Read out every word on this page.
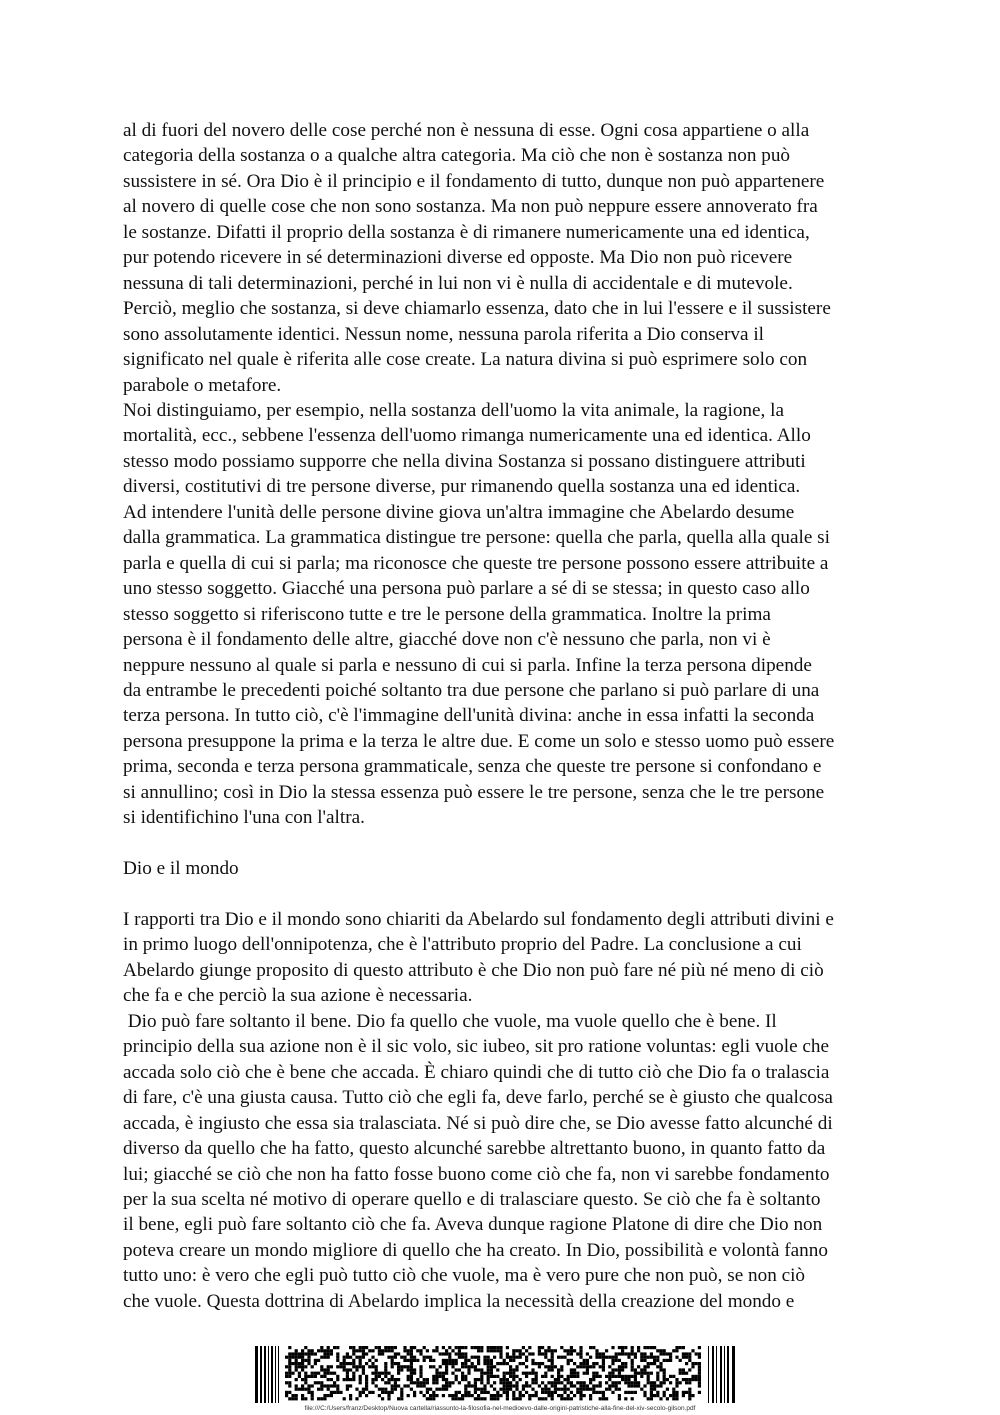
al di fuori del novero delle cose perché non è nessuna di esse. Ogni cosa appartiene o alla
categoria della sostanza o a qualche altra categoria. Ma ciò che non è sostanza non può
sussistere in sé. Ora Dio è il principio e il fondamento di tutto, dunque non può appartenere
al novero di quelle cose che non sono sostanza. Ma non può neppure essere annoverato fra
le sostanze. Difatti il proprio della sostanza è di rimanere numericamente una ed identica,
pur potendo ricevere in sé determinazioni diverse ed opposte. Ma Dio non può ricevere
nessuna di tali determinazioni, perché in lui non vi è nulla di accidentale e di mutevole.
Perciò, meglio che sostanza, si deve chiamarlo essenza, dato che in lui l'essere e il sussistere
sono assolutamente identici. Nessun nome, nessuna parola riferita a Dio conserva il
significato nel quale è riferita alle cose create. La natura divina si può esprimere solo con
parabole o metafore.

Noi distinguiamo, per esempio, nella sostanza dell'uomo la vita animale, la ragione, la
mortalità, ecc., sebbene l'essenza dell'uomo rimanga numericamente una ed identica. Allo
stesso modo possiamo supporre che nella divina Sostanza si possano distinguere attributi
diversi, costitutivi di tre persone diverse, pur rimanendo quella sostanza una ed identica.

Ad intendere l'unità delle persone divine giova un'altra immagine che Abelardo desume
dalla grammatica. La grammatica distingue tre persone: quella che parla, quella alla quale si
parla e quella di cui si parla; ma riconosce che queste tre persone possono essere attribuite a
uno stesso soggetto. Giacché una persona può parlare a sé di se stessa; in questo caso allo
stesso soggetto si riferiscono tutte e tre le persone della grammatica. Inoltre la prima
persona è il fondamento delle altre, giacché dove non c'è nessuno che parla, non vi è
neppure nessuno al quale si parla e nessuno di cui si parla. Infine la terza persona dipende
da entrambe le precedenti poiché soltanto tra due persone che parlano si può parlare di una
terza persona. In tutto ciò, c'è l'immagine dell'unità divina: anche in essa infatti la seconda
persona presuppone la prima e la terza le altre due. E come un solo e stesso uomo può essere
prima, seconda e terza persona grammaticale, senza che queste tre persone si confondano e
si annullino; così in Dio la stessa essenza può essere le tre persone, senza che le tre persone
si identifichino l'una con l'altra.

Dio e il mondo

I rapporti tra Dio e il mondo sono chiariti da Abelardo sul fondamento degli attributi divini e
in primo luogo dell'onnipotenza, che è l'attributo proprio del Padre. La conclusione a cui
Abelardo giunge proposito di questo attributo è che Dio non può fare né più né meno di ciò
che fa e che perciò la sua azione è necessaria.

Dio può fare soltanto il bene. Dio fa quello che vuole, ma vuole quello che è bene. Il
principio della sua azione non è il sic volo, sic iubeo, sit pro ratione voluntas: egli vuole che
accada solo ciò che è bene che accada. È chiaro quindi che di tutto ciò che Dio fa o tralascia
di fare, c'è una giusta causa. Tutto ciò che egli fa, deve farlo, perché se è giusto che qualcosa
accada, è ingiusto che essa sia tralasciata. Né si può dire che, se Dio avesse fatto alcunché di
diverso da quello che ha fatto, questo alcunché sarebbe altrettanto buono, in quanto fatto da
lui; giacché se ciò che non ha fatto fosse buono come ciò che fa, non vi sarebbe fondamento
per la sua scelta né motivo di operare quello e di tralasciare questo. Se ciò che fa è soltanto
il bene, egli può fare soltanto ciò che fa. Aveva dunque ragione Platone di dire che Dio non
poteva creare un mondo migliore di quello che ha creato. In Dio, possibilità e volontà fanno
tutto uno: è vero che egli può tutto ciò che vuole, ma è vero pure che non può, se non ciò
che vuole. Questa dottrina di Abelardo implica la necessità della creazione del mondo e

file:///C:/Users/franz/Desktop/Nuova cartella/riassunto-la-filosofia-nel-medioevo-dalle-origini-patristiche-alla-fine-del-xiv-secolo-gilson.pdf
